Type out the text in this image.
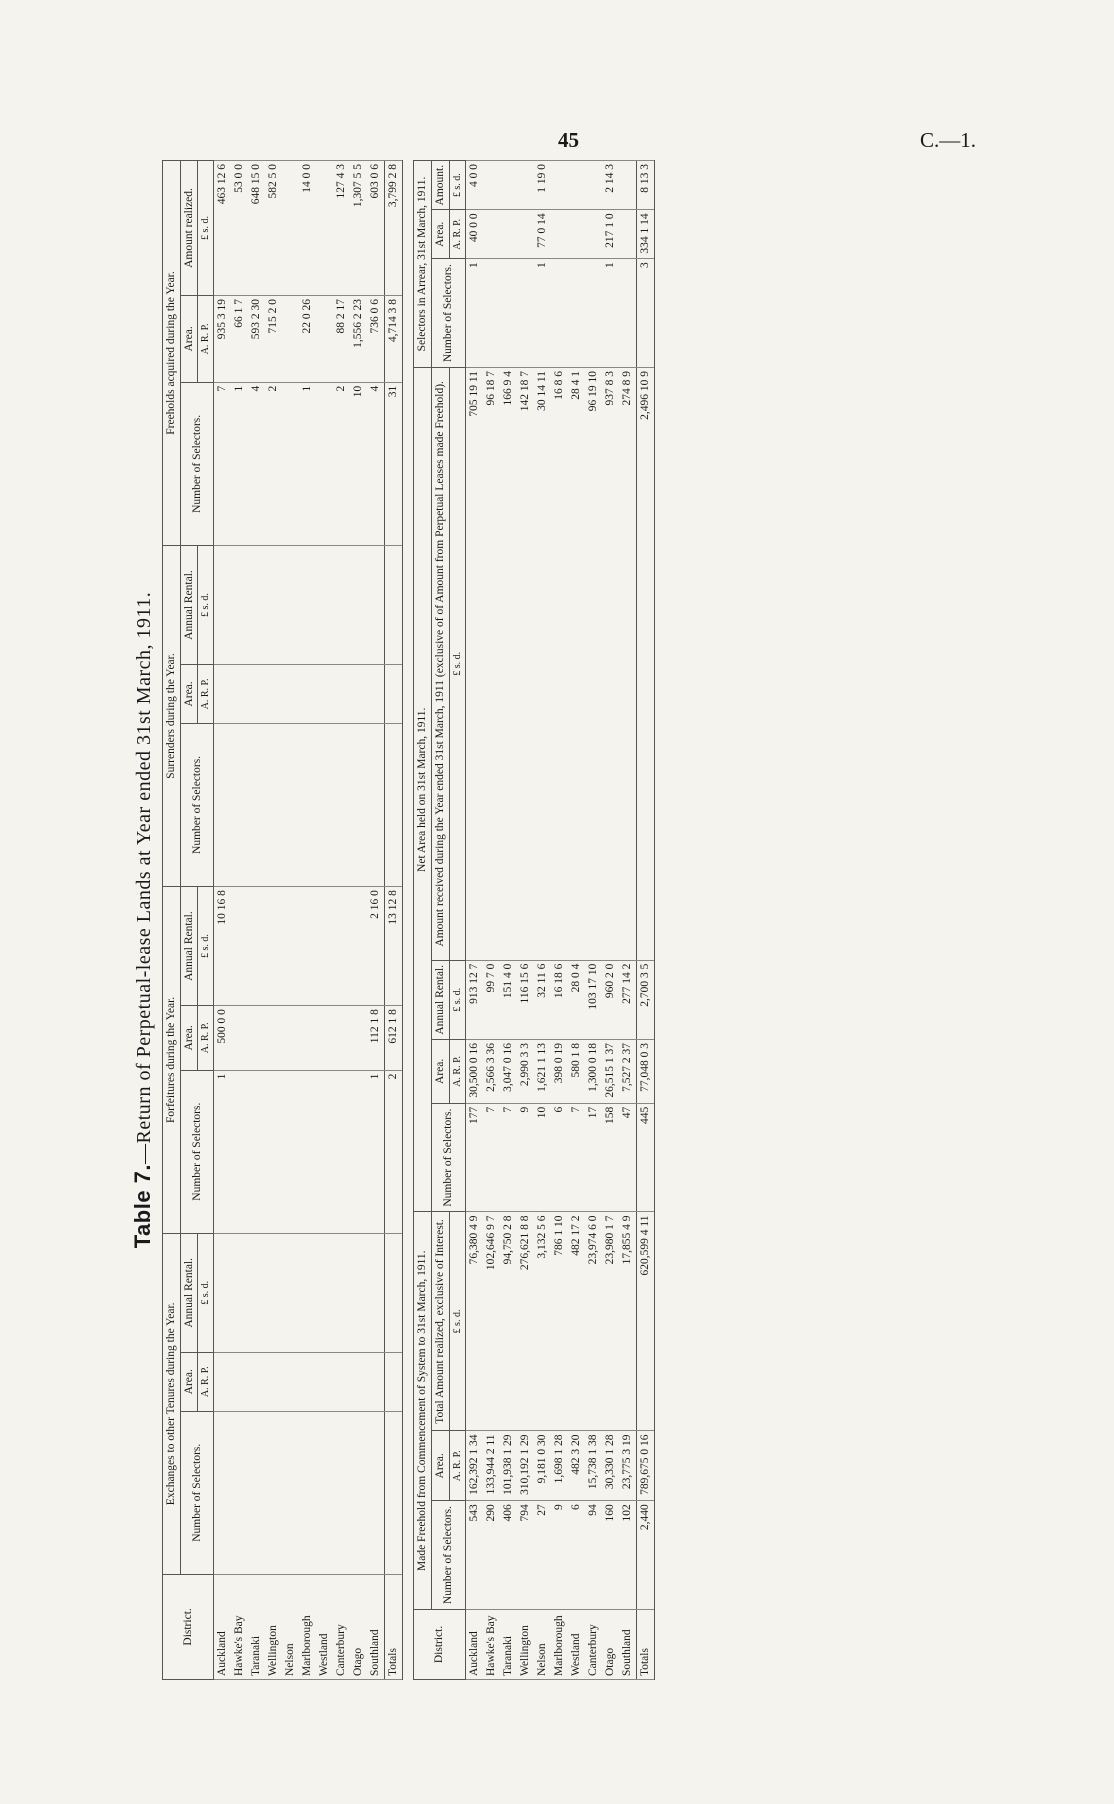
45	C.—1.
Table 7.—Return of Perpetual-lease Lands at Year ended 31st March, 1911.
District.	Exchanges to other Tenures during the Year.			Forfeitures during the Year.			Surrenders during the Year.			Freeholds acquired during the Year.		
	Number of Selectors.	Area.	Annual Rental.	Number of Selectors.	Area.	Annual Rental.	Number of Selectors.	Area.	Annual Rental.	Number of Selectors.	Area.	Amount realized.
		A. R. P.	£ s. d.		A. R. P.	£ s. d.		A. R. P.	£ s. d.		A. R. P.	£ s. d.
Auckland				1	500 0 0	10 16 8				7	935 3 19	463 12 6
Hawke's Bay										1	66 1 7	53 0 0
Taranaki										4	593 2 30	648 15 0
Wellington										2	715 2 0	582 5 0
Nelson												
Marlborough										1	22 0 26	14 0 0
Westland												
Canterbury										2	88 2 17	127 4 3
Otago										10	1,556 2 23	1,307 5 5
Southland				1	112 1 8	2 16 0				4	736 0 6	603 0 6
Totals				2	612 1 8	13 12 8				31	4,714 3 8	3,799 2 8
District.	Made Freehold from Commencement of System to 31st March, 1911.			Net Area held on 31st March, 1911.				Selectors in Arrear, 31st March, 1911.		
	Number of Selectors.	Area.	Total Amount realized, exclusive of Interest.	Number of Selectors.	Area.	Annual Rental.	Amount received during the Year ended 31st March, 1911 (exclusive of of Amount from Perpetual Leases made Freehold).	Number of Selectors.	Area.	Amount.
		A. R. P.	£ s. d.		A. R. P.	£ s. d.	£ s. d.		A. R. P.	£ s. d.
Auckland	543	162,392 1 34	76,380 4 9	177	30,500 0 16	913 12 7	705 19 11	1	40 0 0	4 0 0
Hawke's Bay	290	133,944 2 11	102,646 9 7	7	2,566 3 36	99 7 0	96 18 7			
Taranaki	406	101,938 1 29	94,750 2 8	7	3,047 0 16	151 4 0	166 9 4			
Wellington	794	310,192 1 29	276,621 8 8	9	2,990 3 3	116 15 6	142 18 7			
Nelson	27	9,181 0 30	3,132 5 6	10	1,621 1 13	32 11 6	30 14 11	1	77 0 14	1 19 0
Marlborough	9	1,698 1 28	786 1 10	6	398 0 19	16 18 6	16 8 6			
Westland	6	482 3 20	482 17 2	7	580 1 8	28 0 4	28 4 1			
Canterbury	94	15,738 1 38	23,974 6 0	17	1,300 0 18	103 17 10	96 19 10			
Otago	160	30,330 1 28	23,980 1 7	158	26,515 1 37	960 2 0	937 8 3	1	217 1 0	2 14 3
Southland	102	23,775 3 19	17,855 4 9	47	7,527 2 37	277 14 2	274 8 9			
Totals	2,440	789,675 0 16	620,599 4 11	445	77,048 0 3	2,700 3 5	2,496 10 9	3	334 1 14	8 13 3
